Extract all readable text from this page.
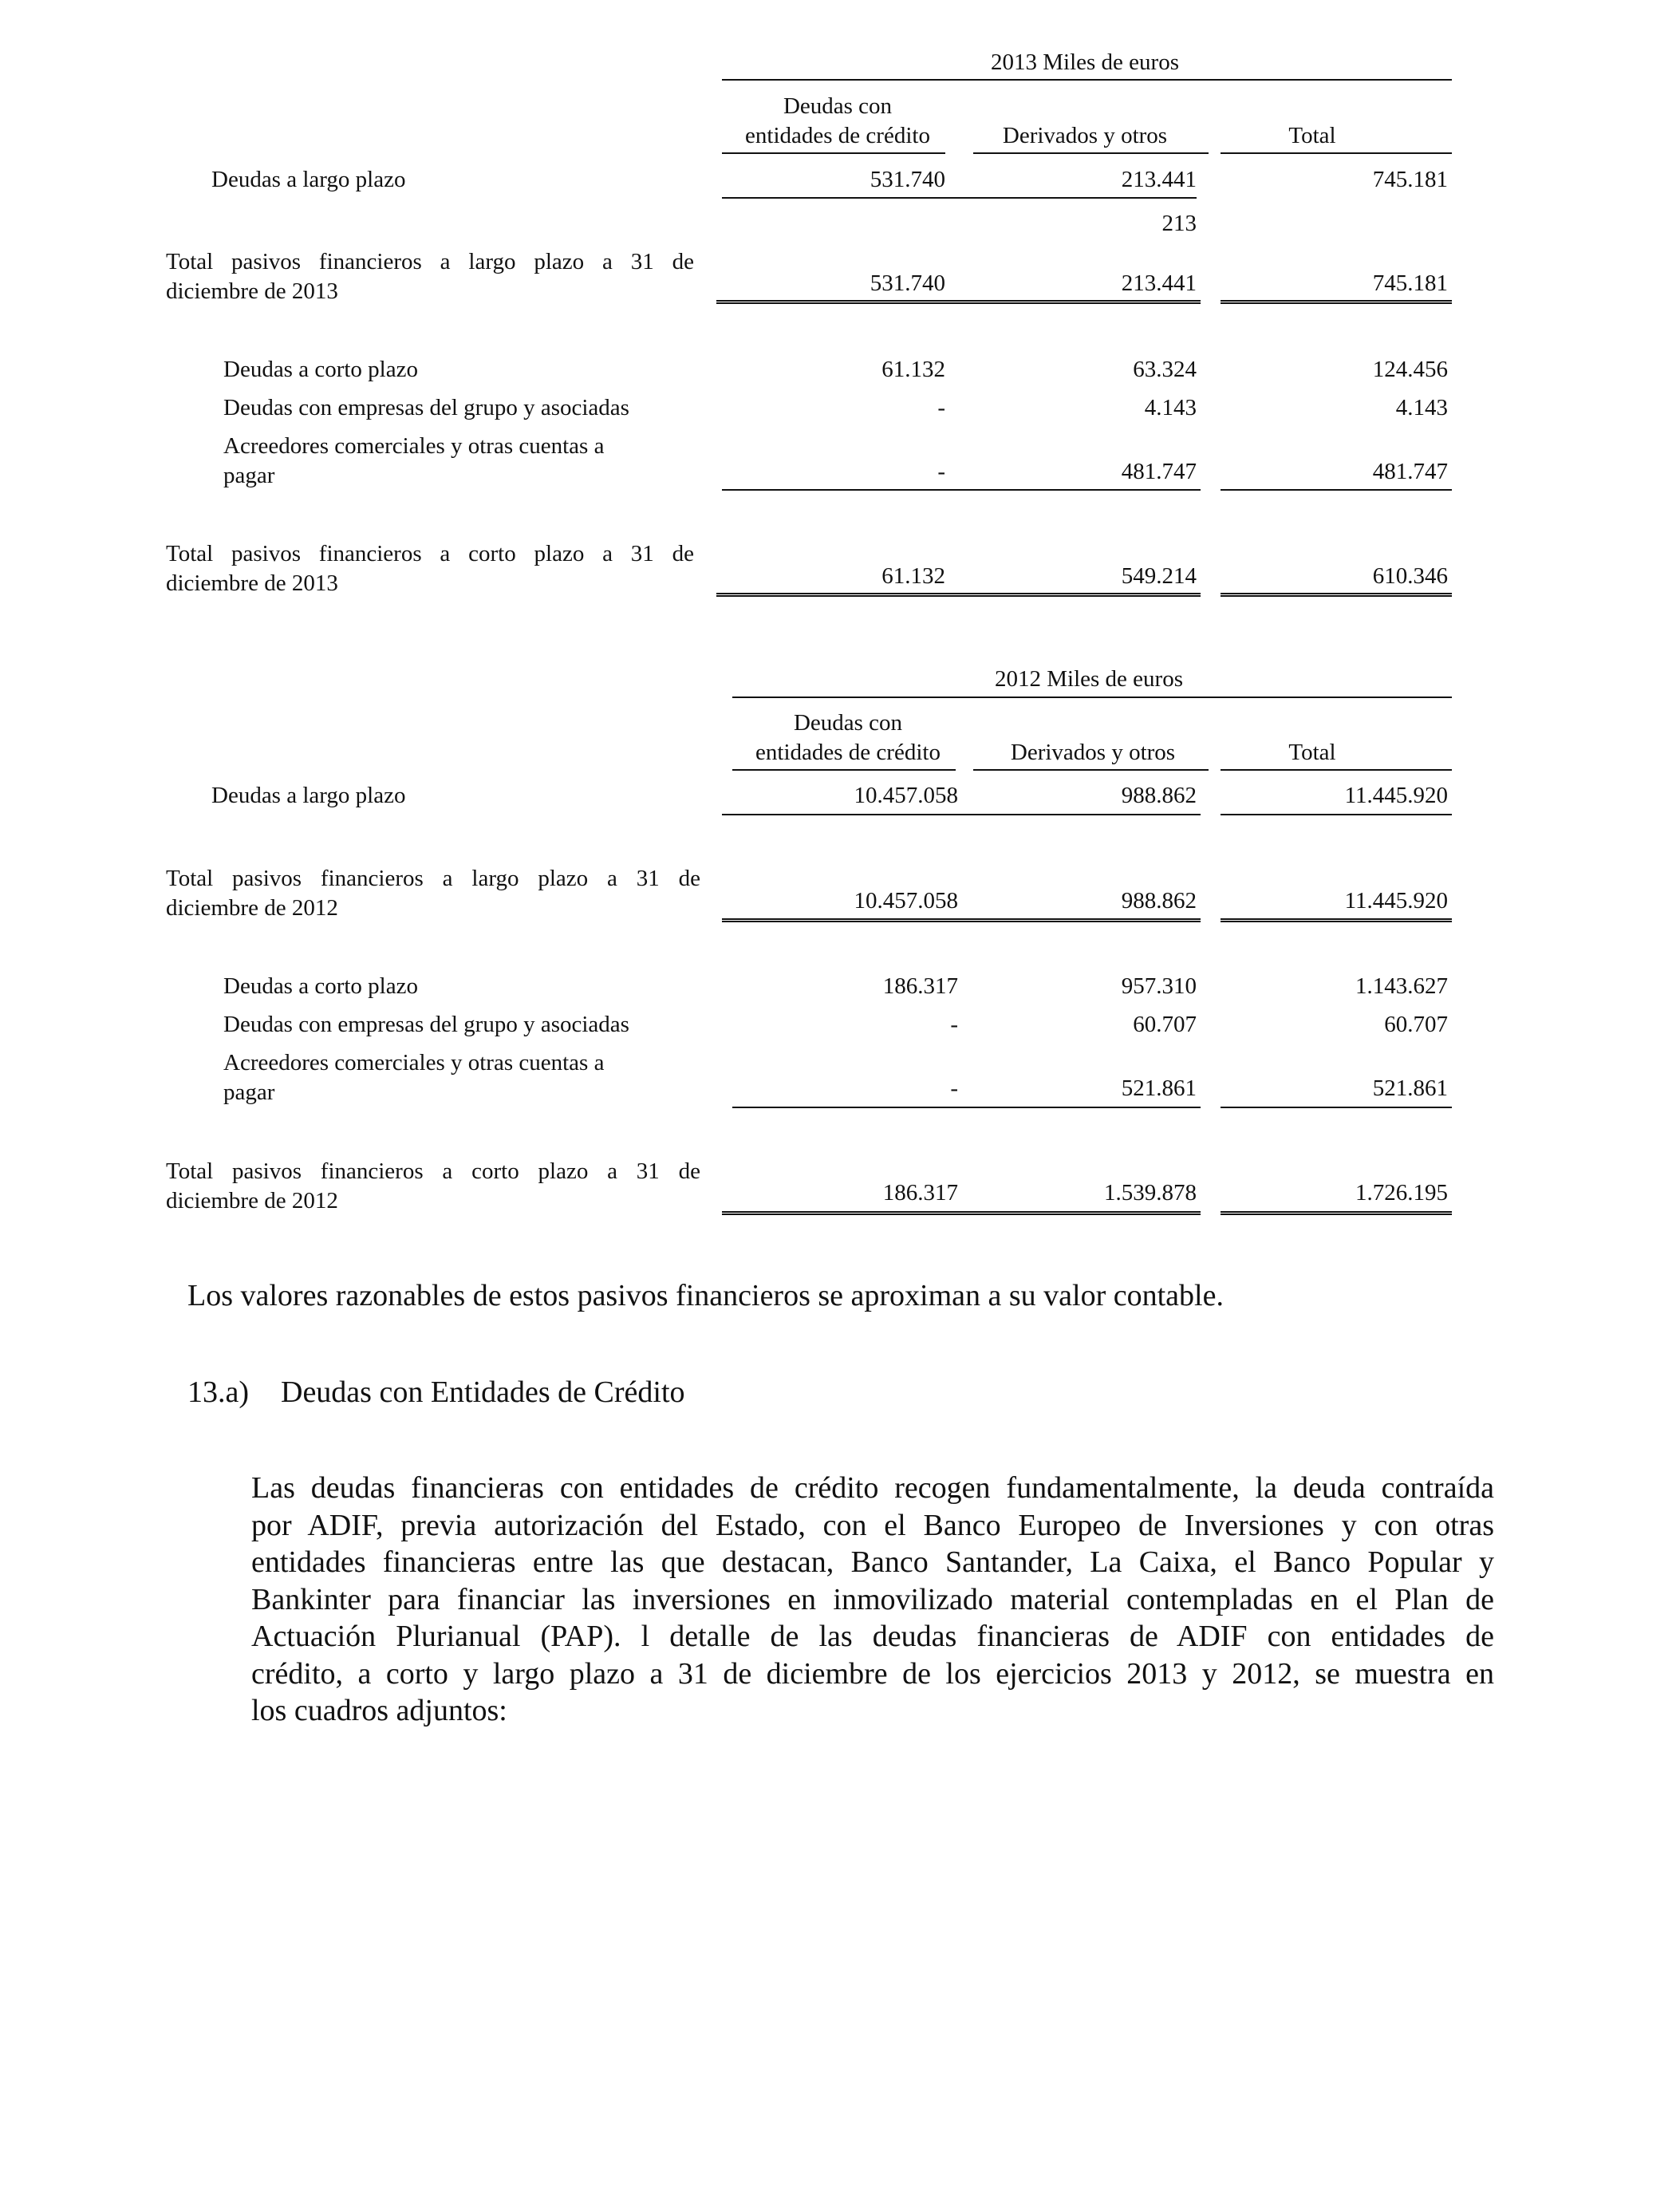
2013 Miles de euros
Deudas con
entidades de crédito	Derivados y otros	Total
Deudas a largo plazo	531.740	213.441	745.181
213
Total pasivos financieros a largo plazo a 31 de
diciembre de 2013	531.740	213.441	745.181
Deudas a corto plazo	61.132	63.324	124.456
Deudas con empresas del grupo y asociadas	-	4.143	4.143
Acreedores comerciales y otras cuentas a
pagar	-	481.747	481.747
Total pasivos financieros a corto plazo a 31 de
diciembre de 2013	61.132	549.214	610.346
2012 Miles de euros
Deudas con
entidades de crédito	Derivados y otros	Total
Deudas a largo plazo	10.457.058	988.862	11.445.920
Total pasivos financieros a largo plazo a 31 de
diciembre de 2012	10.457.058	988.862	11.445.920
Deudas a corto plazo	186.317	957.310	1.143.627
Deudas con empresas del grupo y asociadas	-	60.707	60.707
Acreedores comerciales y otras cuentas a
pagar	-	521.861	521.861
Total pasivos financieros a corto plazo a 31 de
diciembre de 2012	186.317	1.539.878	1.726.195
Los valores razonables de estos pasivos financieros se aproximan a su valor contable.
13.a) Deudas con Entidades de Crédito
Las deudas financieras con entidades de crédito recogen fundamentalmente, la deuda contraída
por ADIF, previa autorización del Estado, con el Banco Europeo de Inversiones y con otras
entidades financieras entre las que destacan, Banco Santander, La Caixa, el Banco Popular y
Bankinter para financiar las inversiones en inmovilizado material contempladas en el Plan de
Actuación Plurianual (PAP). l detalle de las deudas financieras de ADIF con entidades de
crédito, a corto y largo plazo a 31 de diciembre de los ejercicios 2013 y 2012, se muestra en
los cuadros adjuntos:
